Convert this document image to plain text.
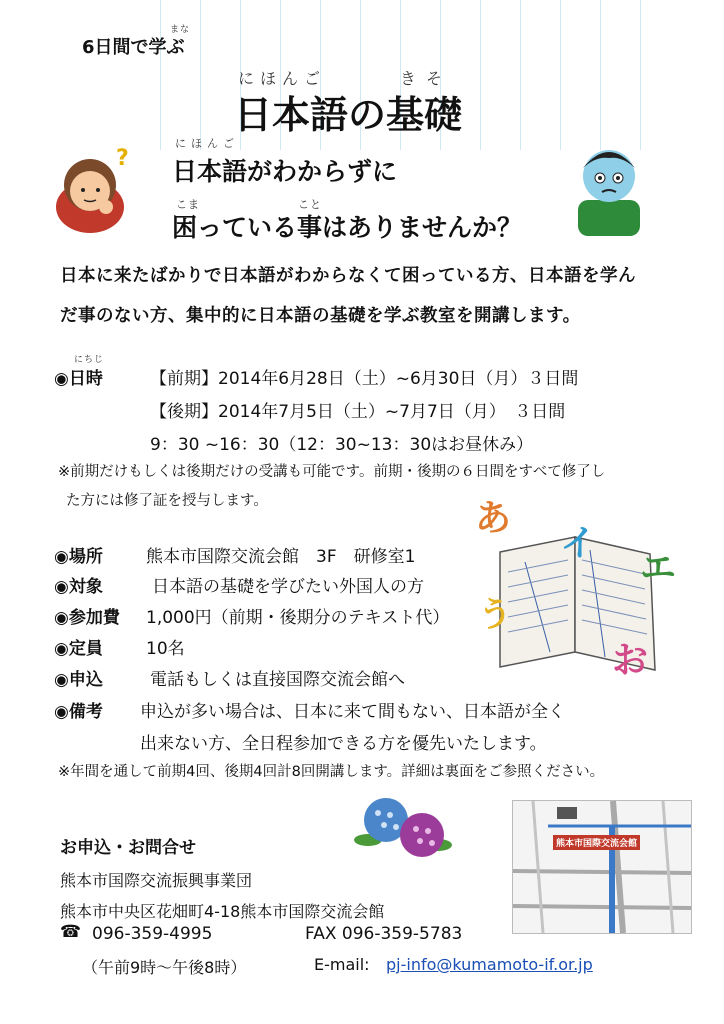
まな
6日間で学ぶ
にほんご	きそ
日本語の基礎
?
にほんご
日本語がわからずに
こま	こと
困っている事はありませんか？
日本に来たばかりで日本語がわからなくて困っている方、日本語を学ん
だ事のない方、集中的に日本語の基礎を学ぶ教室を開講します。
にちじ
◉日時	【前期】2014年6月28日（土）~6月30日（月）３日間
【後期】2014年7月5日（土）~7月7日（月）　３日間
9：30 ~16：30（12：30~13：30はお昼休み）
※前期だけもしくは後期だけの受講も可能です。前期・後期の６日間をすべて修了し
た方には修了証を授与します。
◉場所	熊本市国際交流会館　3F　研修室1
◉対象	日本語の基礎を学びたい外国人の方
◉参加費 1,000円（前期・後期分のテキスト代）
◉定員	10名
◉申込	電話もしくは直接国際交流会館へ
◉備考 申込が多い場合は、日本に来て間もない、日本語が全く
出来ない方、全日程参加できる方を優先いたします。
※年間を通して前期4回、後期4回計8回開講します。詳細は裏面をご参照ください。
あ
イ
エ
う
お
熊本市国際交流会館
お申込・お問合せ
熊本市国際交流振興事業団
熊本市中央区花畑町4-18熊本市国際交流会館
☎ 096-359-4995	FAX 096-359-5783
（午前9時～午後8時）	E-mail: pj-info@kumamoto-if.or.jp
